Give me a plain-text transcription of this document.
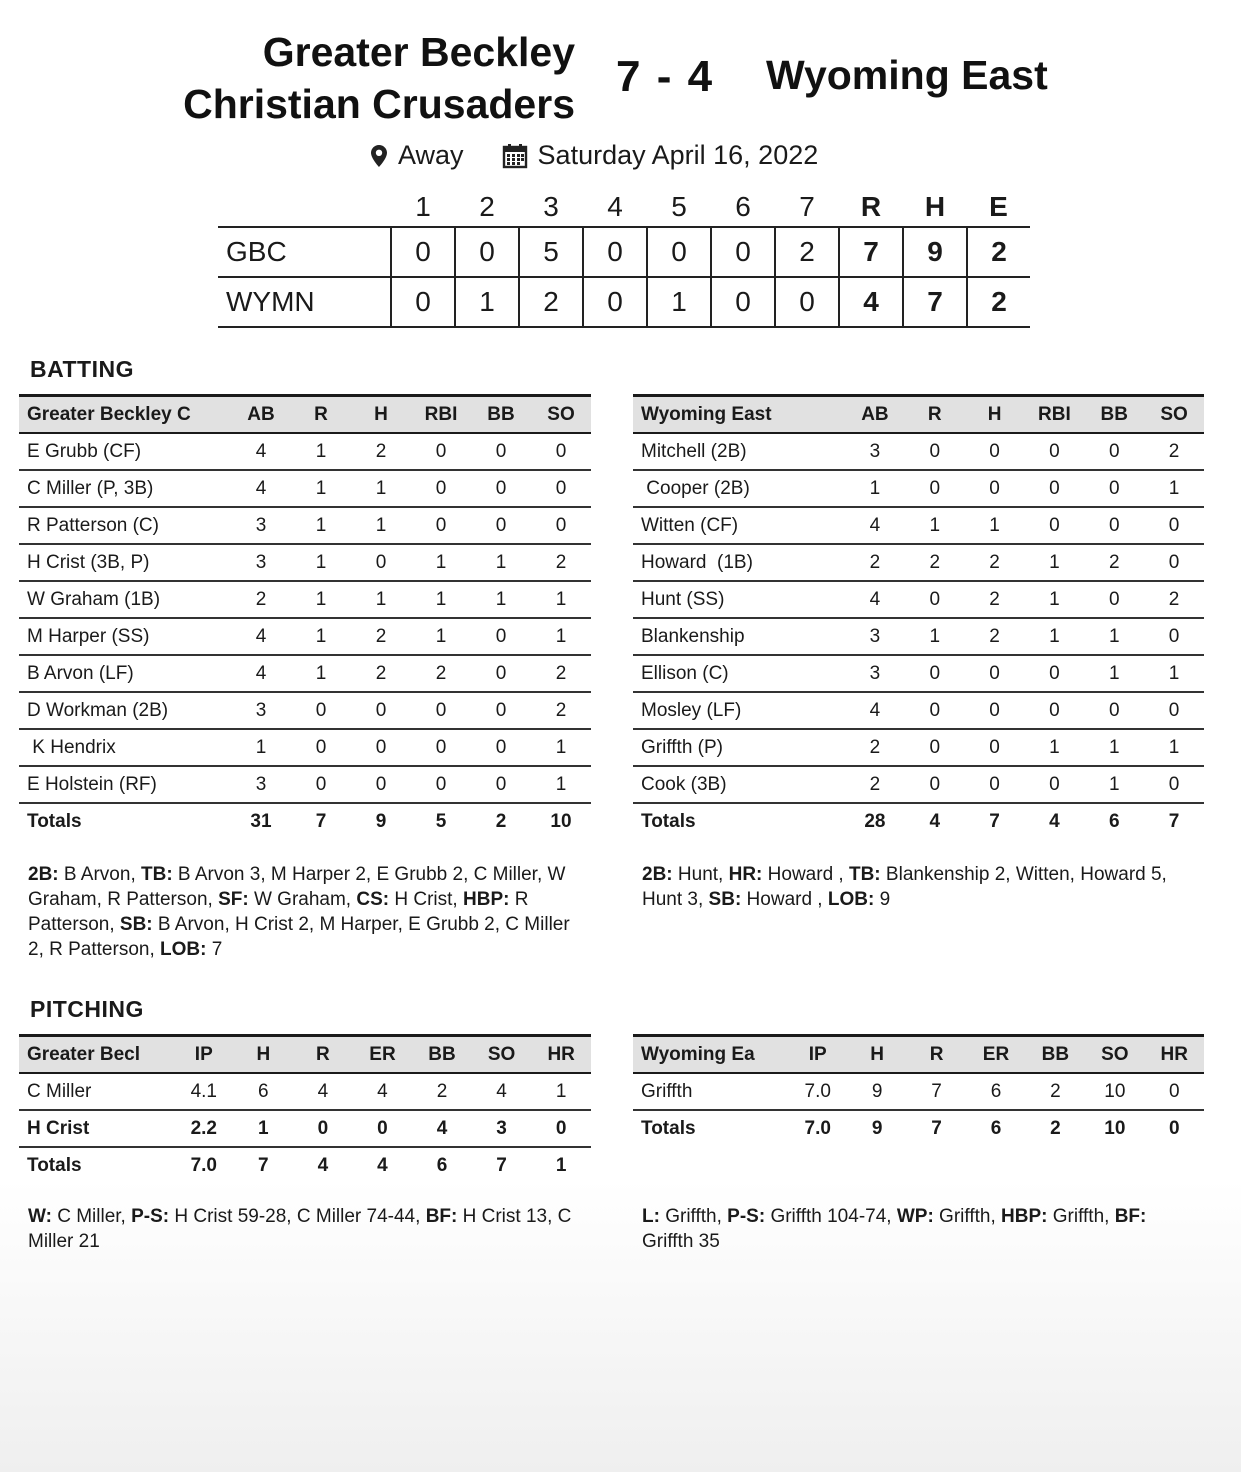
Greater Beckley
Christian Crusaders
7 - 4 Wyoming East
Away	Saturday April 16, 2022
	1	2	3	4	5	6	7	R	H	E
GBC	0	0	5	0	0	0	2	7	9	2
WYMN	0	1	2	0	1	0	0	4	7	2
BATTING
Greater Beckley C	AB	R	H	RBI	BB	SO
E Grubb (CF)	4	1	2	0	0	0
C Miller (P, 3B)	4	1	1	0	0	0
R Patterson (C)	3	1	1	0	0	0
H Crist (3B, P)	3	1	0	1	1	2
W Graham (1B)	2	1	1	1	1	1
M Harper (SS)	4	1	2	1	0	1
B Arvon (LF)	4	1	2	2	0	2
D Workman (2B)	3	0	0	0	0	2
K Hendrix	1	0	0	0	0	1
E Holstein (RF)	3	0	0	0	0	1
Totals	31	7	9	5	2	10
Wyoming East	AB	R	H	RBI	BB	SO
Mitchell (2B)	3	0	0	0	0	2
Cooper (2B)	1	0	0	0	0	1
Witten (CF)	4	1	1	0	0	0
Howard  (1B)	2	2	2	1	2	0
Hunt (SS)	4	0	2	1	0	2
Blankenship	3	1	2	1	1	0
Ellison (C)	3	0	0	0	1	1
Mosley (LF)	4	0	0	0	0	0
Griffth (P)	2	0	0	1	1	1
Cook (3B)	2	0	0	0	1	0
Totals	28	4	7	4	6	7
2B: B Arvon, TB: B Arvon 3, M Harper 2, E Grubb 2, C Miller, W Graham, R Patterson, SF: W Graham, CS: H Crist, HBP: R Patterson, SB: B Arvon, H Crist 2, M Harper, E Grubb 2, C Miller 2, R Patterson, LOB: 7
2B: Hunt, HR: Howard , TB: Blankenship 2, Witten, Howard 5, Hunt 3, SB: Howard , LOB: 9
PITCHING
Greater Becl	IP	H	R	ER	BB	SO	HR
C Miller	4.1	6	4	4	2	4	1
H Crist	2.2	1	0	0	4	3	0
Totals	7.0	7	4	4	6	7	1
Wyoming Ea	IP	H	R	ER	BB	SO	HR
Griffth	7.0	9	7	6	2	10	0
Totals	7.0	9	7	6	2	10	0
W: C Miller, P-S: H Crist 59-28, C Miller 74-44, BF: H Crist 13, C Miller 21
L: Griffth, P-S: Griffth 104-74, WP: Griffth, HBP: Griffth, BF: Griffth 35
